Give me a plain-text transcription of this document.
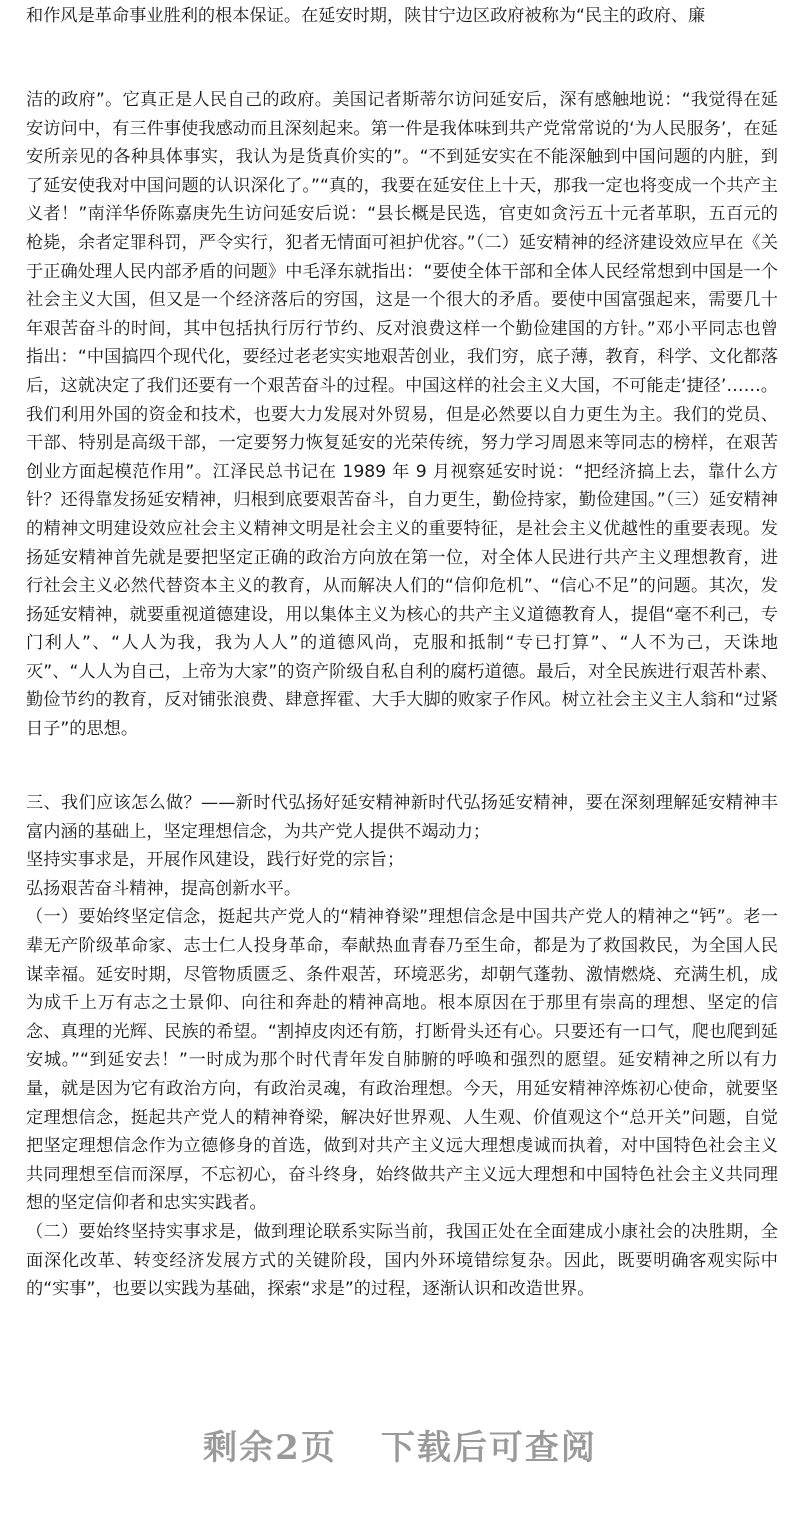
和作风是革命事业胜利的根本保证。在延安时期，陕甘宁边区政府被称为“民主的政府、廉

洁的政府”。它真正是人民自己的政府。美国记者斯蒂尔访问延安后，深有感触地说：“我觉得在延安访问中，有三件事使我感动而且深刻起来。第一件是我体味到共产党常常说的‘为人民服务’，在延安所亲见的各种具体事实，我认为是货真价实的”。“不到延安实在不能深触到中国问题的内脏，到了延安使我对中国问题的认识深化了。”“真的，我要在延安住上十天，那我一定也将变成一个共产主义者！”南洋华侨陈嘉庚先生访问延安后说：“县长概是民选，官吏如贪污五十元者革职，五百元的枪毙，余者定罪科罚，严令实行，犯者无情面可袒护优容。”（二）延安精神的经济建设效应早在《关于正确处理人民内部矛盾的问题》中毛泽东就指出：“要使全体干部和全体人民经常想到中国是一个社会主义大国，但又是一个经济落后的穷国，这是一个很大的矛盾。要使中国富强起来，需要几十年艰苦奋斗的时间，其中包括执行厉行节约、反对浪费这样一个勤俭建国的方针。”邓小平同志也曾指出：“中国搞四个现代化，要经过老老实实地艰苦创业，我们穷，底子薄，教育，科学、文化都落后，这就决定了我们还要有一个艰苦奋斗的过程。中国这样的社会主义大国，不可能走‘捷径’……。我们利用外国的资金和技术，也要大力发展对外贸易，但是必然要以自力更生为主。我们的党员、干部、特别是高级干部，一定要努力恢复延安的光荣传统，努力学习周恩来等同志的榜样，在艰苦创业方面起模范作用”。江泽民总书记在 1989 年 9 月视察延安时说：“把经济搞上去，靠什么方针？还得靠发扬延安精神，归根到底要艰苦奋斗，自力更生，勤俭持家，勤俭建国。”（三）延安精神的精神文明建设效应社会主义精神文明是社会主义的重要特征，是社会主义优越性的重要表现。发扬延安精神首先就是要把坚定正确的政治方向放在第一位，对全体人民进行共产主义理想教育，进行社会主义必然代替资本主义的教育，从而解决人们的“信仰危机”、“信心不足”的问题。其次，发扬延安精神，就要重视道德建设，用以集体主义为核心的共产主义道德教育人，提倡“毫不利己，专门利人”、“人人为我，我为人人”的道德风尚，克服和抵制“专已打算”、“人不为己，天诛地灭”、“人人为自己，上帝为大家”的资产阶级自私自利的腐朽道德。最后，对全民族进行艰苦朴素、勤俭节约的教育，反对铺张浪费、肆意挥霍、大手大脚的败家子作风。树立社会主义主人翁和“过紧日子”的思想。

三、我们应该怎么做？——新时代弘扬好延安精神新时代弘扬延安精神，要在深刻理解延安精神丰富内涵的基础上，坚定理想信念，为共产党人提供不竭动力；
坚持实事求是，开展作风建设，践行好党的宗旨；
弘扬艰苦奋斗精神，提高创新水平。
（一）要始终坚定信念，挺起共产党人的“精神脊梁”理想信念是中国共产党人的精神之“钙”。老一辈无产阶级革命家、志士仁人投身革命，奉献热血青春乃至生命，都是为了救国救民，为全国人民谋幸福。延安时期，尽管物质匮乏、条件艰苦，环境恶劣，却朝气蓬勃、激情燃烧、充满生机，成为成千上万有志之士景仰、向往和奔赴的精神高地。根本原因在于那里有崇高的理想、坚定的信念、真理的光辉、民族的希望。“割掉皮肉还有筋，打断骨头还有心。只要还有一口气，爬也爬到延安城。”“到延安去！”一时成为那个时代青年发自肺腑的呼唤和强烈的愿望。延安精神之所以有力量，就是因为它有政治方向，有政治灵魂，有政治理想。今天，用延安精神淬炼初心使命，就要坚定理想信念，挺起共产党人的精神脊梁，解决好世界观、人生观、价值观这个“总开关”问题，自觉把坚定理想信念作为立德修身的首选，做到对共产主义远大理想虔诚而执着，对中国特色社会主义共同理想至信而深厚，不忘初心，奋斗终身，始终做共产主义远大理想和中国特色社会主义共同理想的坚定信仰者和忠实实践者。
（二）要始终坚持实事求是，做到理论联系实际当前，我国正处在全面建成小康社会的决胜期，全面深化改革、转变经济发展方式的关键阶段，国内外环境错综复杂。因此，既要明确客观实际中的“实事”，也要以实践为基础，探索“求是”的过程，逐渐认识和改造世界。

剩余2页 下载后可查阅
